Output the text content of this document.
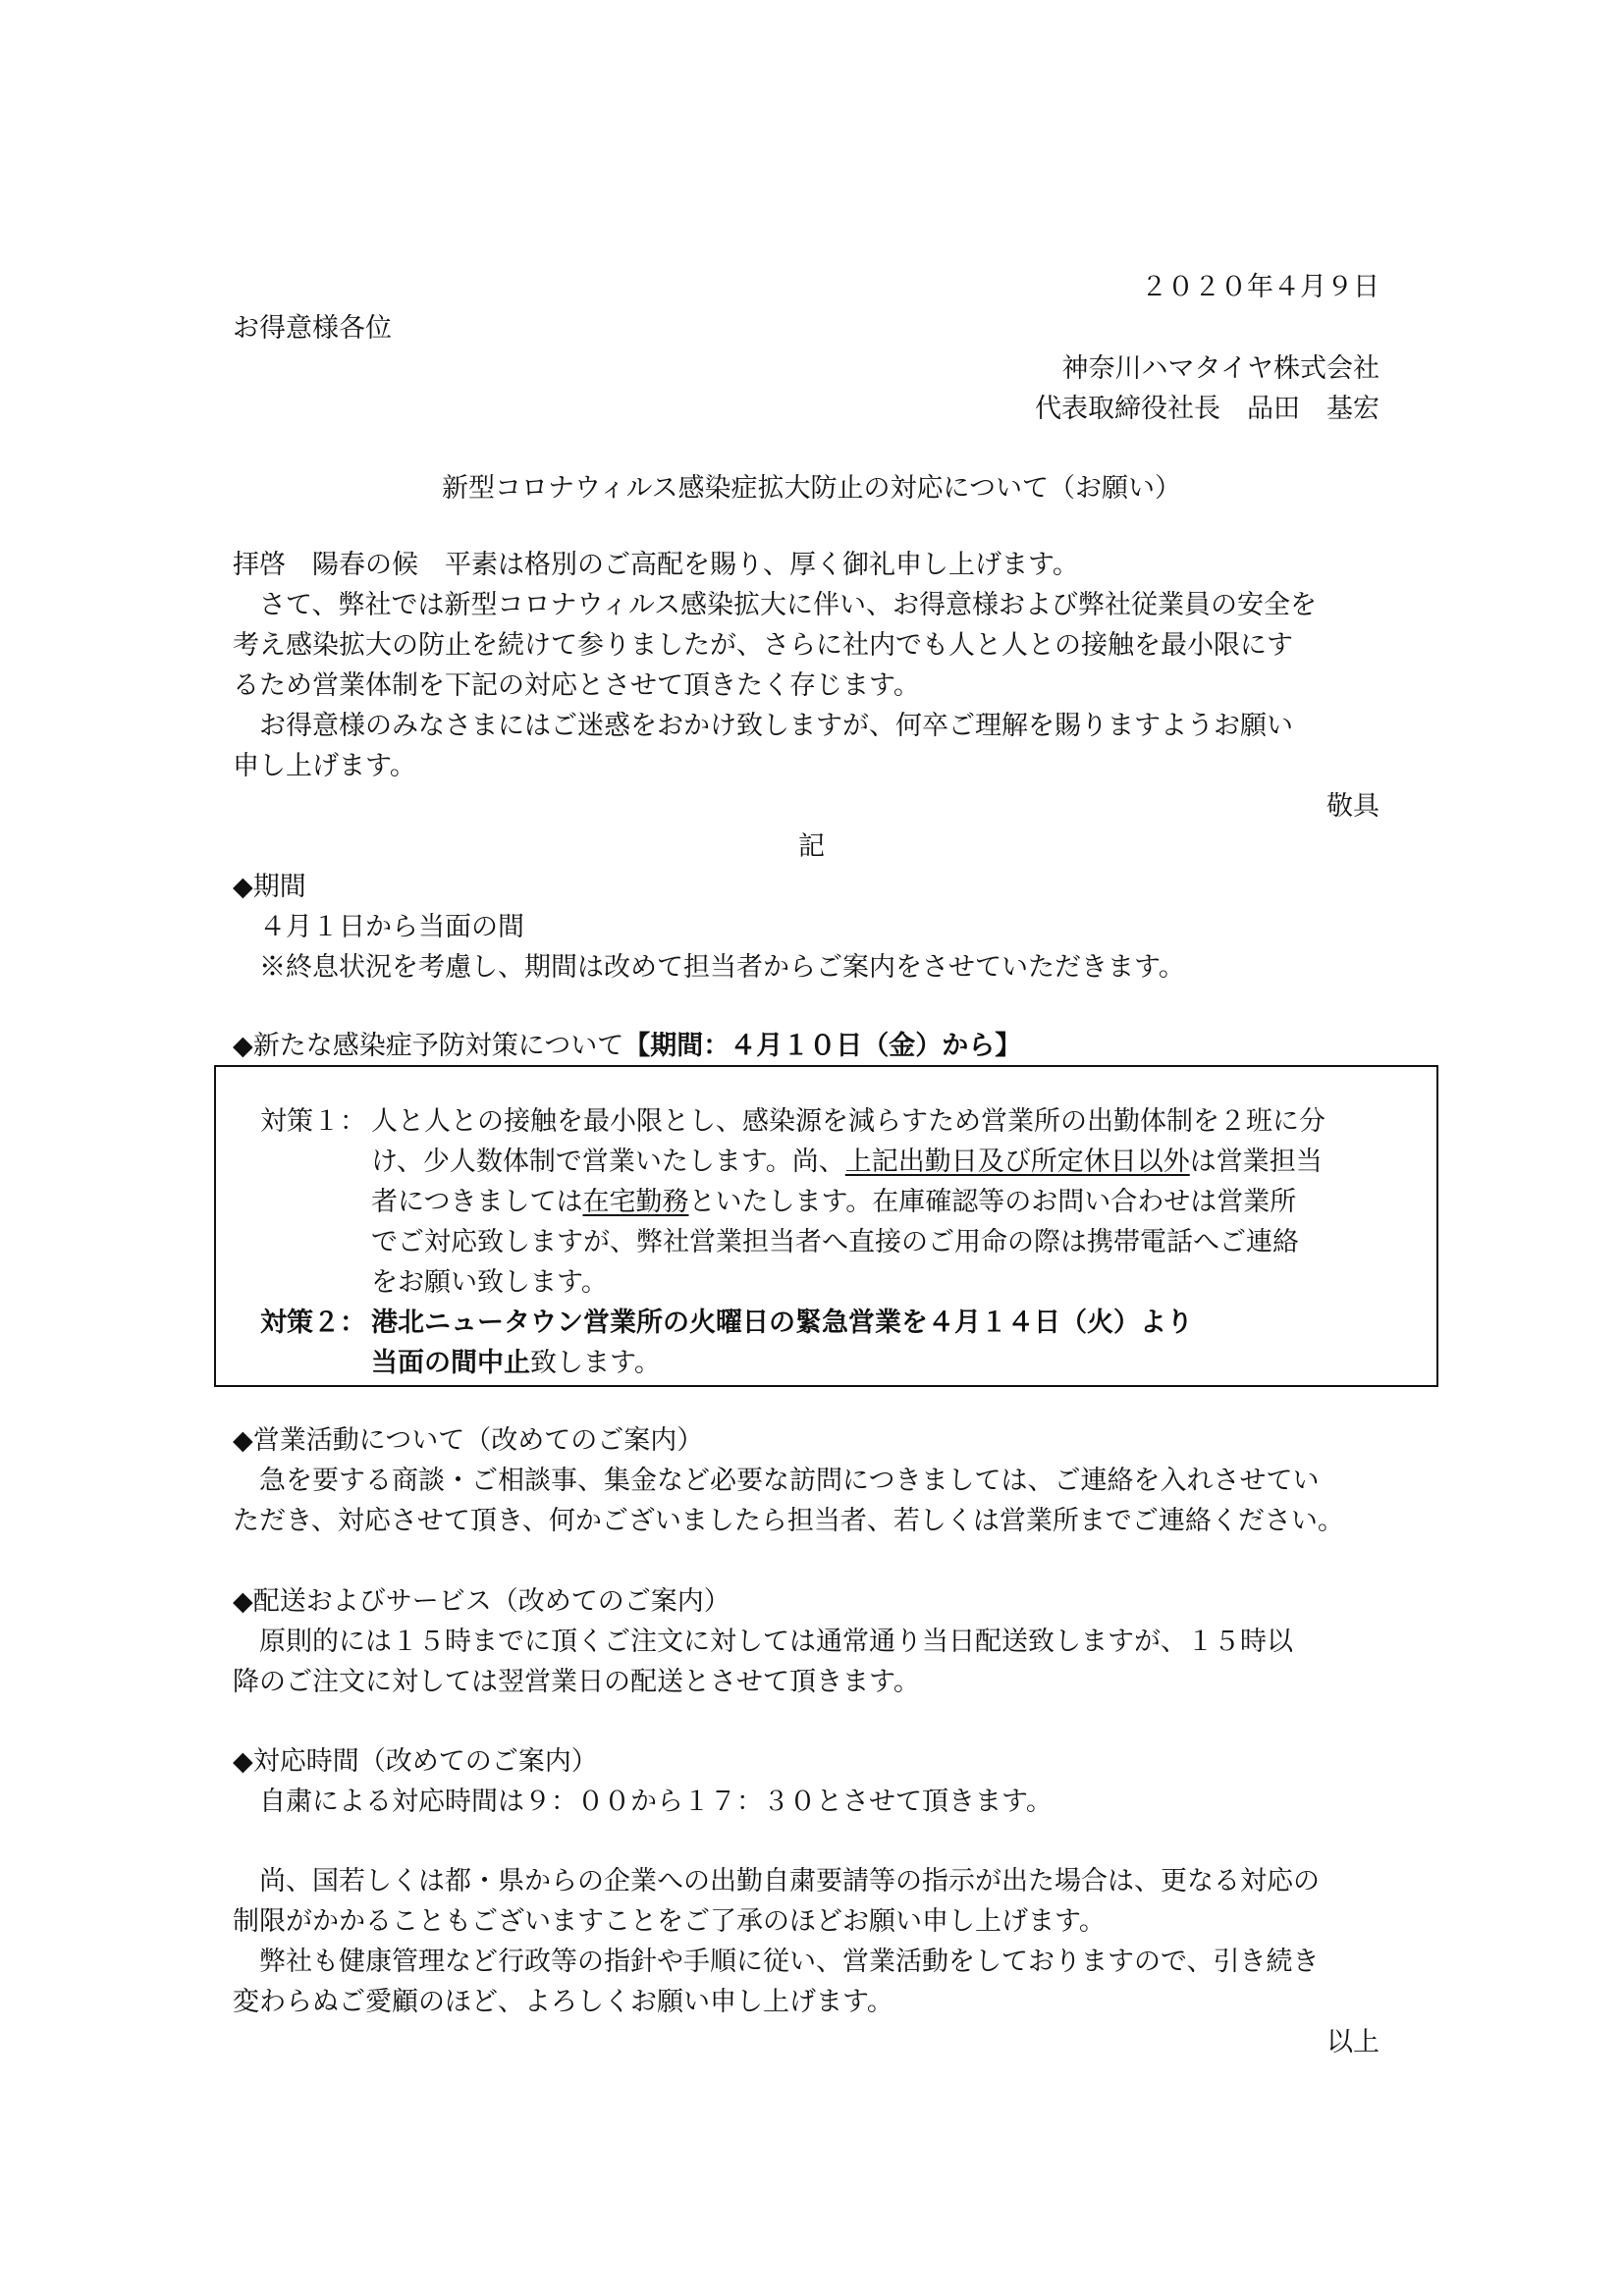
２０２０年４月９日
お得意様各位
神奈川ハマタイヤ株式会社
代表取締役社長　品田　基宏
新型コロナウィルス感染症拡大防止の対応について（お願い）
拝啓　陽春の候　平素は格別のご高配を賜り、厚く御礼申し上げます。
　さて、弊社では新型コロナウィルス感染拡大に伴い、お得意様および弊社従業員の安全を
考え感染拡大の防止を続けて参りましたが、さらに社内でも人と人との接触を最小限にす
るため営業体制を下記の対応とさせて頂きたく存じます。
　お得意様のみなさまにはご迷惑をおかけ致しますが、何卒ご理解を賜りますようお願い
申し上げます。
敬具
記
◆期間
　４月１日から当面の間
　※終息状況を考慮し、期間は改めて担当者からご案内をさせていただきます。
◆新たな感染症予防対策について【期間：４月１０日（金）から】
対策１： 人と人との接触を最小限とし、感染源を減らすため営業所の出勤体制を２班に分
け、少人数体制で営業いたします。尚、上記出勤日及び所定休日以外は営業担当
者につきましては在宅勤務といたします。在庫確認等のお問い合わせは営業所
でご対応致しますが、弊社営業担当者へ直接のご用命の際は携帯電話へご連絡
をお願い致します。
対策２： 港北ニュータウン営業所の火曜日の緊急営業を４月１４日（火）より
当面の間中止致します。
◆営業活動について（改めてのご案内）
　急を要する商談・ご相談事、集金など必要な訪問につきましては、ご連絡を入れさせてい
ただき、対応させて頂き、何かございましたら担当者、若しくは営業所までご連絡ください。
◆配送およびサービス（改めてのご案内）
　原則的には１５時までに頂くご注文に対しては通常通り当日配送致しますが、１５時以
降のご注文に対しては翌営業日の配送とさせて頂きます。
◆対応時間（改めてのご案内）
　自粛による対応時間は９：００から１７：３０とさせて頂きます。
　尚、国若しくは都・県からの企業への出勤自粛要請等の指示が出た場合は、更なる対応の
制限がかかることもございますことをご了承のほどお願い申し上げます。
　弊社も健康管理など行政等の指針や手順に従い、営業活動をしておりますので、引き続き
変わらぬご愛顧のほど、よろしくお願い申し上げます。
以上
